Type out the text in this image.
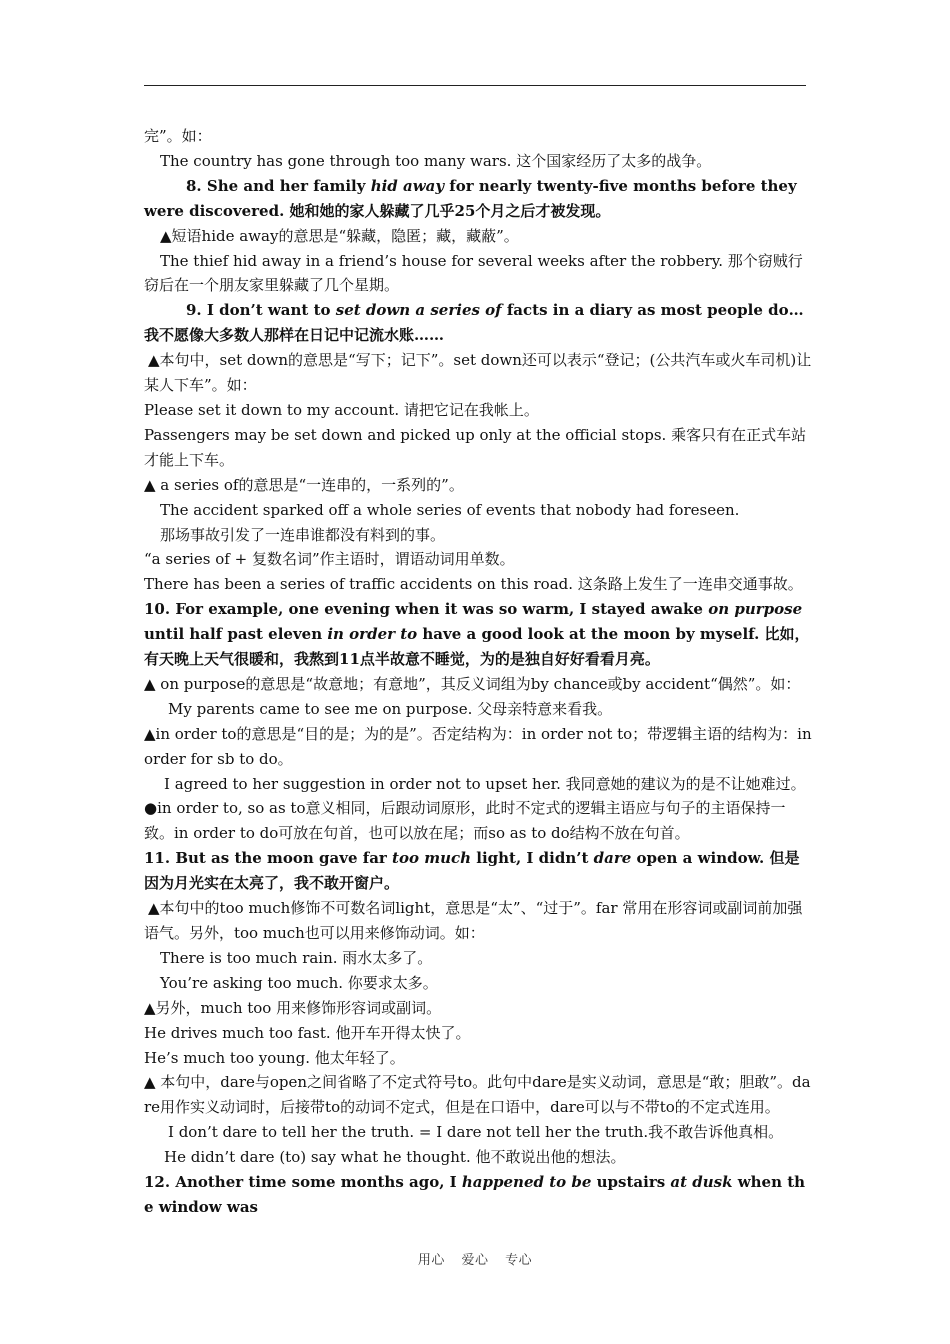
完”。如：

The country has gone through too many wars. 这个国家经历了太多的战争。

8. She and her family hid away for nearly twenty-five months before they were discovered. 她和她的家人躲藏了几乎25个月之后才被发现。

▲短语hide away的意思是“躲藏，隐匿；藏，藏蔽”。

The thief hid away in a friend’s house for several weeks after the robbery. 那个窃贼行窃后在一个朋友家里躲藏了几个星期。

9. I don’t want to set down a series of facts in a diary as most people do… 我不愿像大多数人那样在日记中记流水账……

▲本句中，set down的意思是“写下；记下”。set down还可以表示“登记；(公共汽车或火车司机)让某人下车”。如：

Please set it down to my account. 请把它记在我帐上。

Passengers may be set down and picked up only at the official stops. 乘客只有在正式车站才能上下车。

▲ a series of的意思是“一连串的，一系列的”。

The accident sparked off a whole series of events that nobody had foreseen.

那场事故引发了一连串谁都没有料到的事。

“a series of + 复数名词”作主语时，谓语动词用单数。

There has been a series of traffic accidents on this road. 这条路上发生了一连串交通事故。

10. For example, one evening when it was so warm, I stayed awake on purpose until half past eleven in order to have a good look at the moon by myself. 比如，有天晚上天气很暖和，我熬到11点半故意不睡觉，为的是独自好好看看月亮。

▲ on purpose的意思是“故意地；有意地”，其反义词组为by chance或by accident“偶然”。如：

My parents came to see me on purpose. 父母亲特意来看我。

▲in order to的意思是“目的是；为的是”。否定结构为：in order not to；带逻辑主语的结构为：in order for sb to do。

I agreed to her suggestion in order not to upset her. 我同意她的建议为的是不让她难过。

●in order to, so as to意义相同，后跟动词原形，此时不定式的逻辑主语应与句子的主语保持一致。in order to do可放在句首，也可以放在尾；而so as to do结构不放在句首。

11. But as the moon gave far too much light, I didn’t dare open a window. 但是因为月光实在太亮了，我不敢开窗户。

▲本句中的too much修饰不可数名词light，意思是“太”、“过于”。far 常用在形容词或副词前加强语气。另外，too much也可以用来修饰动词。如：

There is too much rain. 雨水太多了。

You’re asking too much. 你要求太多。

▲另外，much too 用来修饰形容词或副词。

He drives much too fast. 他开车开得太快了。

He’s much too young. 他太年轻了。

▲ 本句中，dare与open之间省略了不定式符号to。此句中dare是实义动词，意思是“敢；胆敢”。dare用作实义动词时，后接带to的动词不定式，但是在口语中，dare可以与不带to的不定式连用。

I don’t dare to tell her the truth. = I dare not tell her the truth.我不敢告诉他真相。

He didn’t dare (to) say what he thought. 他不敢说出他的想法。

12. Another time some months ago, I happened to be upstairs at dusk when the window was

用心 爱心 专心
